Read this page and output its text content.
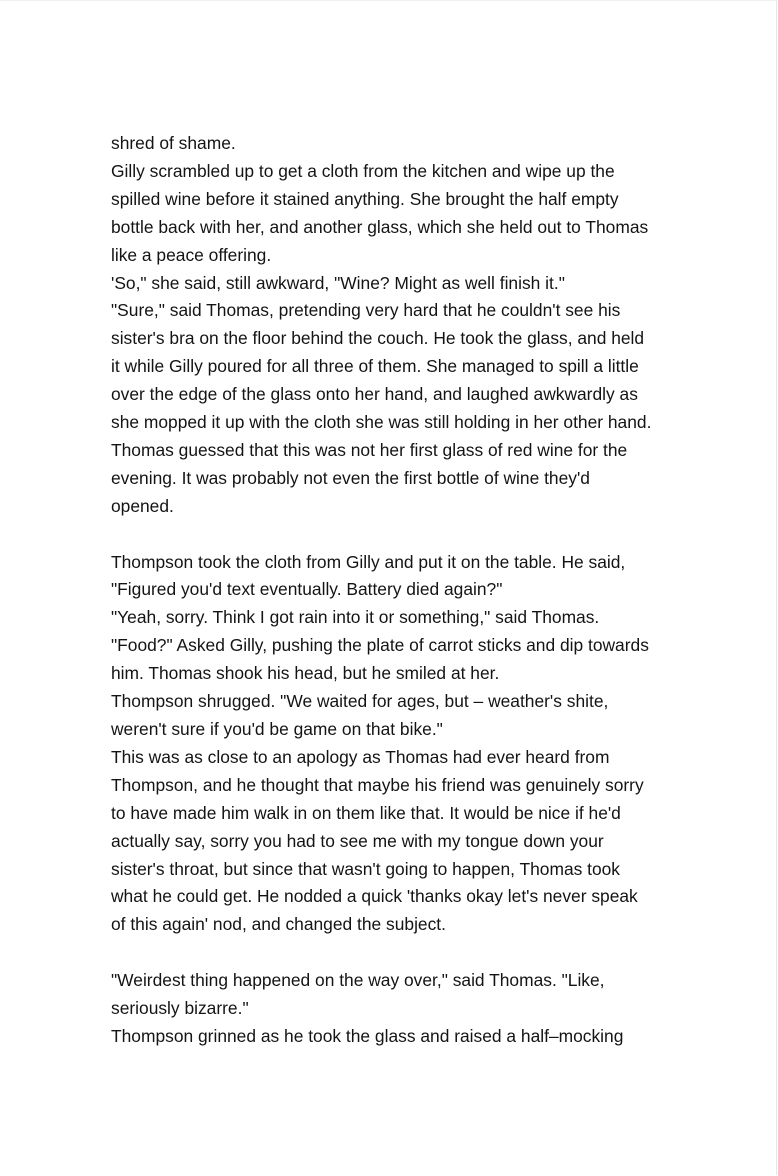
shred of shame.

Gilly scrambled up to get a cloth from the kitchen and wipe up the
spilled wine before it stained anything. She brought the half empty
bottle back with her, and another glass, which she held out to Thomas
like a peace offering.

'So," she said, still awkward, "Wine? Might as well finish it."

"Sure," said Thomas, pretending very hard that he couldn't see his
sister's bra on the floor behind the couch. He took the glass, and held
it while Gilly poured for all three of them. She managed to spill a little
over the edge of the glass onto her hand, and laughed awkwardly as
she mopped it up with the cloth she was still holding in her other hand.
Thomas guessed that this was not her first glass of red wine for the
evening. It was probably not even the first bottle of wine they'd
opened.

Thompson took the cloth from Gilly and put it on the table. He said,
"Figured you'd text eventually. Battery died again?"

"Yeah, sorry. Think I got rain into it or something," said Thomas.

"Food?" Asked Gilly, pushing the plate of carrot sticks and dip towards
him. Thomas shook his head, but he smiled at her.

Thompson shrugged. "We waited for ages, but – weather's shite,
weren't sure if you'd be game on that bike."

This was as close to an apology as Thomas had ever heard from
Thompson, and he thought that maybe his friend was genuinely sorry
to have made him walk in on them like that. It would be nice if he'd
actually say, sorry you had to see me with my tongue down your
sister's throat, but since that wasn't going to happen, Thomas took
what he could get. He nodded a quick 'thanks okay let's never speak
of this again' nod, and changed the subject.

"Weirdest thing happened on the way over," said Thomas. "Like,
seriously bizarre."

Thompson grinned as he took the glass and raised a half–mocking
